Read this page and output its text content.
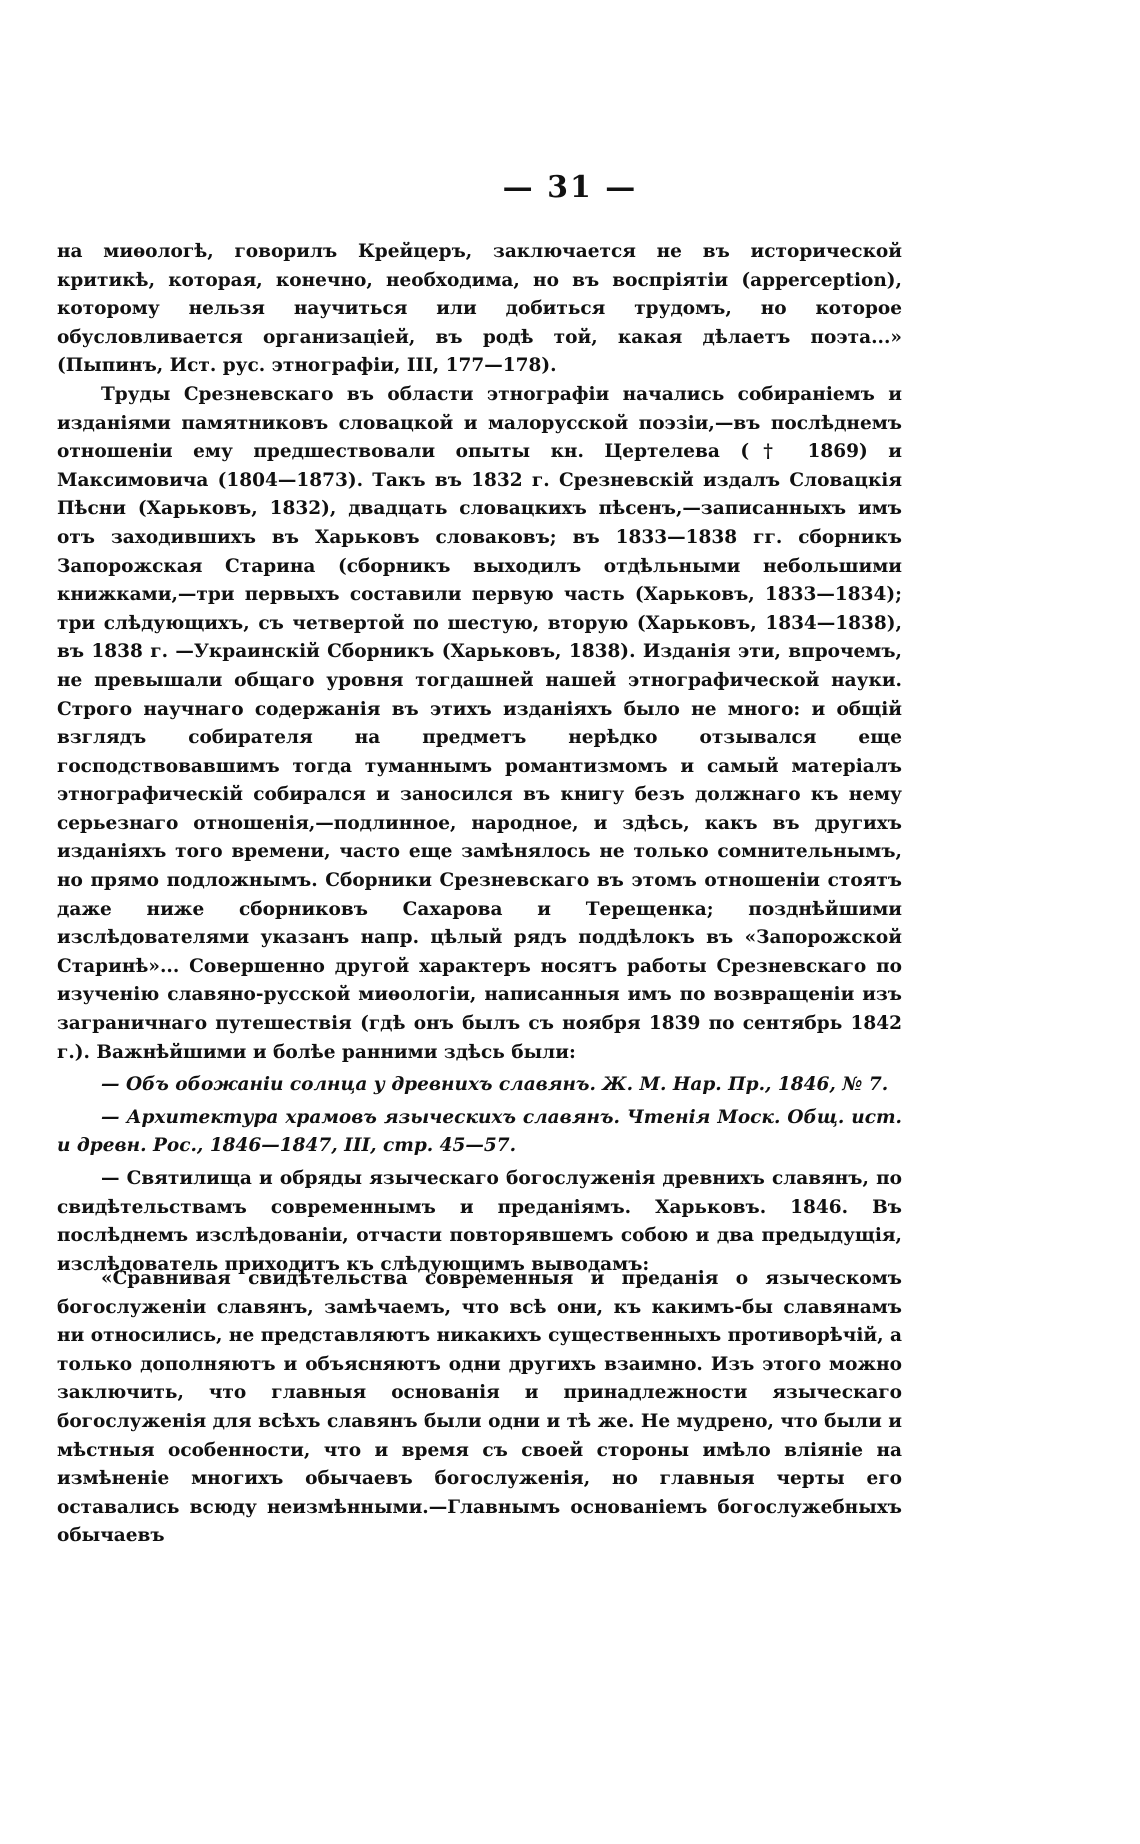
— 31 —

на миѳологѣ, говорилъ Крейцеръ, заключается не въ исторической критикѣ, которая, конечно, необходима, но въ воспріятіи (apperception), которому нельзя научиться или добиться трудомъ, но которое обусловливается организаціей, въ родѣ той, какая дѣлаетъ поэта...» (Пыпинъ, Ист. рус. этнографіи, III, 177—178).

Труды Срезневскаго въ области этнографіи начались собираніемъ и изданіями памятниковъ словацкой и малорусской поэзіи,—въ послѣднемъ отношеніи ему предшествовали опыты кн. Цертелева († 1869) и Максимовича (1804—1873). Такъ въ 1832 г. Срезневскій издалъ Словацкія Пѣсни (Харьковъ, 1832), двадцать словацкихъ пѣсенъ,—записанныхъ имъ отъ заходившихъ въ Харьковъ словаковъ; въ 1833—1838 гг. сборникъ Запорожская Старина (сборникъ выходилъ отдѣльными небольшими книжками,—три первыхъ составили первую часть (Харьковъ, 1833—1834); три слѣдующихъ, съ четвертой по шестую, вторую (Харьковъ, 1834—1838), въ 1838 г. —Украинскій Сборникъ (Харьковъ, 1838). Изданія эти, впрочемъ, не превышали общаго уровня тогдашней нашей этнографической науки. Строго научнаго содержанія въ этихъ изданіяхъ было не много: и общій взглядъ собирателя на предметъ нерѣдко отзывался еще господствовавшимъ тогда туманнымъ романтизмомъ и самый матеріалъ этнографическій собирался и заносился въ книгу безъ должнаго къ нему серьезнаго отношенія,—подлинное, народное, и здѣсь, какъ въ другихъ изданіяхъ того времени, часто еще замѣнялось не только сомнительнымъ, но прямо подложнымъ. Сборники Срезневскаго въ этомъ отношеніи стоятъ даже ниже сборниковъ Сахарова и Терещенка; позднѣйшими изслѣдователями указанъ напр. цѣлый рядъ поддѣлокъ въ «Запорожской Старинѣ»... Совершенно другой характеръ носятъ работы Срезневскаго по изученію славяно-русской миѳологіи, написанныя имъ по возвращеніи изъ заграничнаго путешествія (гдѣ онъ былъ съ ноября 1839 по сентябрь 1842 г.). Важнѣйшими и болѣе ранними здѣсь были:

— Объ обожаніи солнца у древнихъ славянъ. Ж. М. Нар. Пр., 1846, № 7.

— Архитектура храмовъ языческихъ славянъ. Чтенія Моск. Общ. ист. и древн. Рос., 1846—1847, III, стр. 45—57.

— Святилища и обряды языческаго богослуженія древнихъ славянъ, по свидѣтельствамъ современнымъ и преданіямъ. Харьковъ. 1846. Въ послѣднемъ изслѣдованіи, отчасти повторявшемъ собою и два предыдущія, изслѣдователь приходитъ къ слѣдующимъ выводамъ:

«Сравнивая свидѣтельства современныя и преданія о языческомъ богослуженіи славянъ, замѣчаемъ, что всѣ они, къ какимъ-бы славянамъ ни относились, не представляютъ никакихъ существенныхъ противорѣчій, а только дополняютъ и объясняютъ одни другихъ взаимно. Изъ этого можно заключить, что главныя основанія и принадлежности языческаго богослуженія для всѣхъ славянъ были одни и тѣ же. Не мудрено, что были и мѣстныя особенности, что и время съ своей стороны имѣло вліяніе на измѣненіе многихъ обычаевъ богослуженія, но главныя черты его оставались всюду неизмѣнными.—Главнымъ основаніемъ богослужебныхъ обычаевъ
